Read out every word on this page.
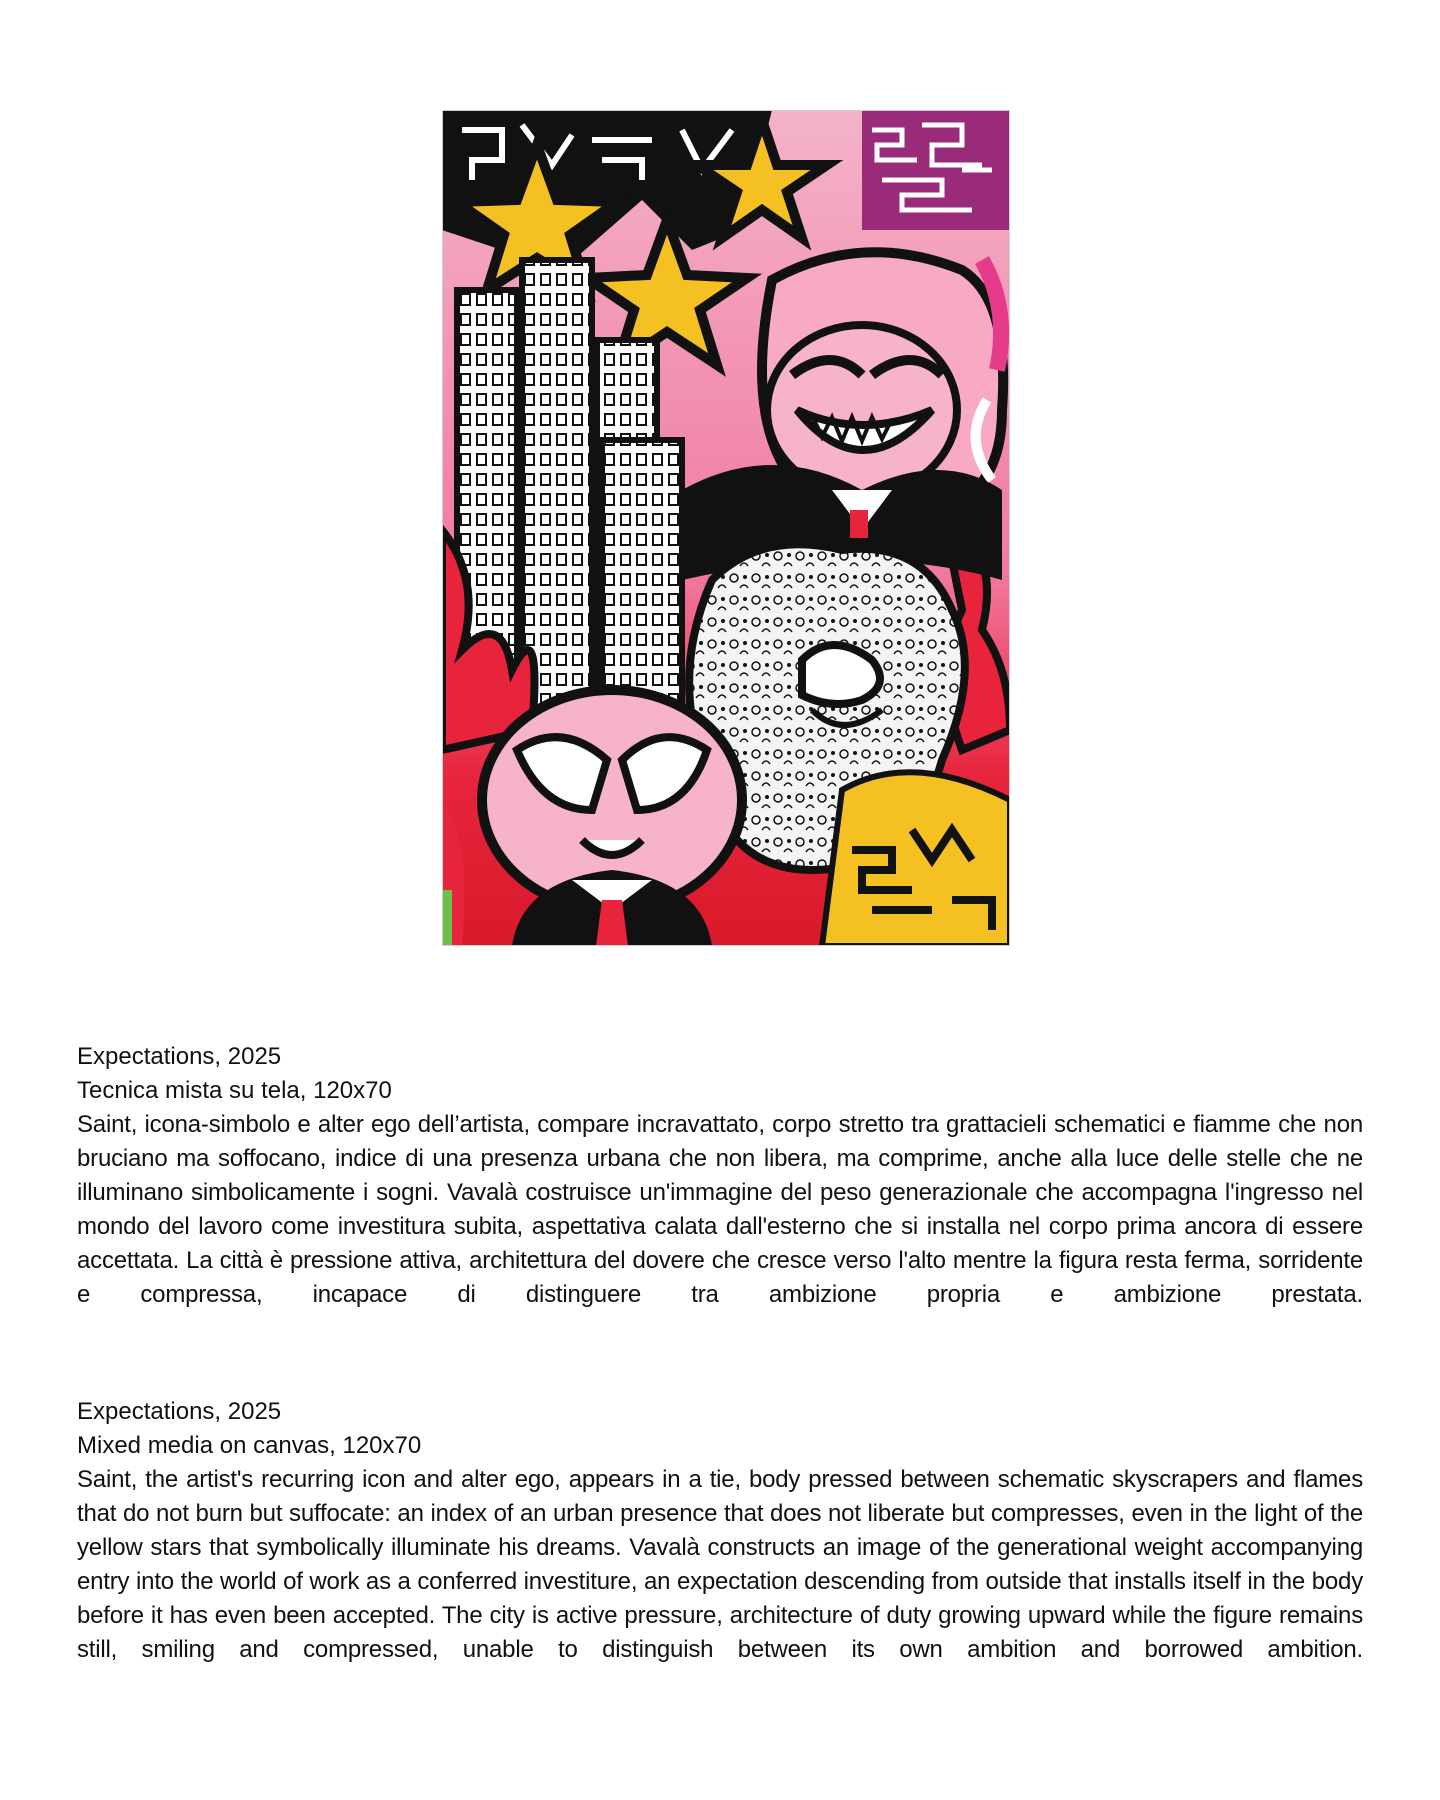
Expectations, 2025

Tecnica mista su tela, 120x70

Saint, icona-simbolo e alter ego dell’artista, compare incravattato, corpo stretto tra grattacieli schematici e fiamme che non bruciano ma soffocano, indice di una presenza urbana che non libera, ma comprime, anche alla luce delle stelle che ne illuminano simbolicamente i sogni. Vavalà costruisce un'immagine del peso generazionale che accompagna l'ingresso nel mondo del lavoro come investitura subita, aspettativa calata dall'esterno che si installa nel corpo prima ancora di essere accettata. La città è pressione attiva, architettura del dovere che cresce verso l'alto mentre la figura resta ferma, sorridente e compressa, incapace di distinguere tra ambizione propria e ambizione prestata.

Expectations, 2025

Mixed media on canvas, 120x70

Saint, the artist's recurring icon and alter ego, appears in a tie, body pressed between schematic skyscrapers and flames that do not burn but suffocate: an index of an urban presence that does not liberate but compresses, even in the light of the yellow stars that symbolically illuminate his dreams. Vavalà constructs an image of the generational weight accompanying entry into the world of work as a conferred investiture, an expectation descending from outside that installs itself in the body before it has even been accepted. The city is active pressure, architecture of duty growing upward while the figure remains still, smiling and compressed, unable to distinguish between its own ambition and borrowed ambition.
